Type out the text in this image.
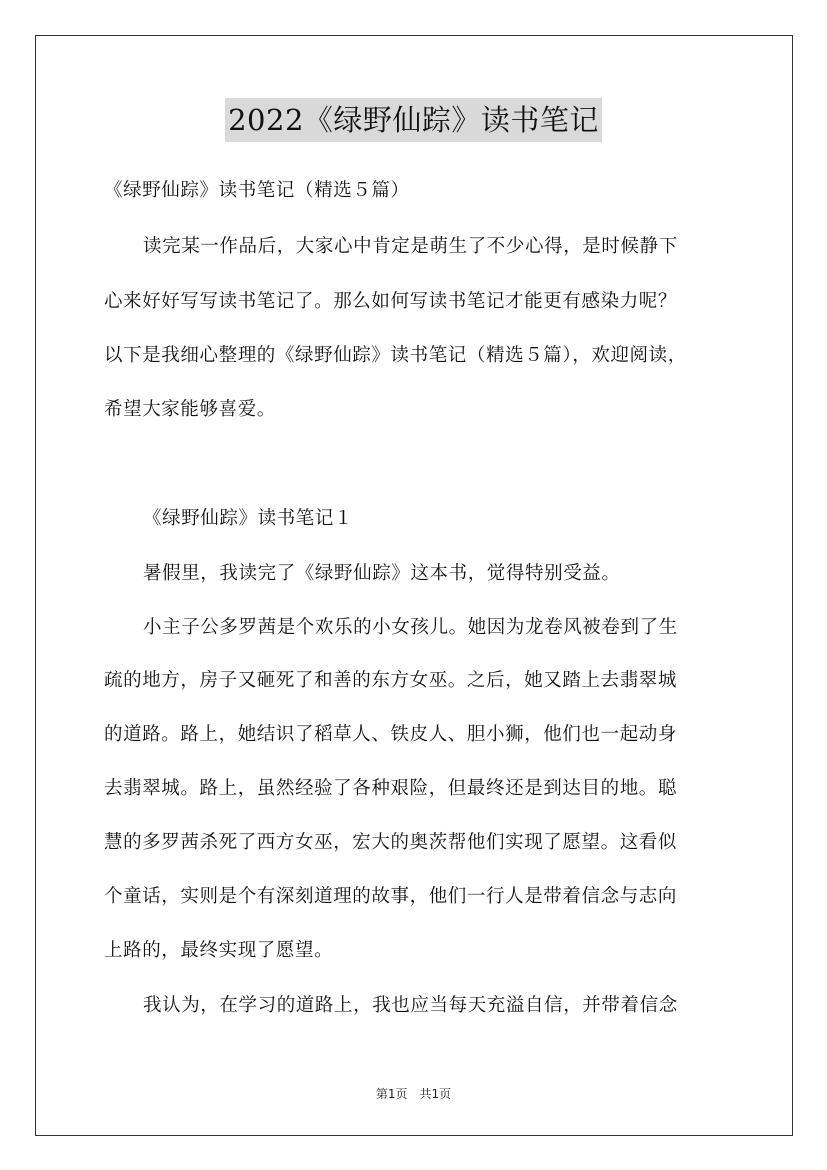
2022《绿野仙踪》读书笔记
《绿野仙踪》读书笔记（精选５篇）
读完某一作品后，大家心中肯定是萌生了不少心得，是时候静下
心来好好写写读书笔记了。那么如何写读书笔记才能更有感染力呢？
以下是我细心整理的《绿野仙踪》读书笔记（精选５篇），欢迎阅读，
希望大家能够喜爱。
《绿野仙踪》读书笔记１
暑假里，我读完了《绿野仙踪》这本书，觉得特别受益。
小主子公多罗茜是个欢乐的小女孩儿。她因为龙卷风被卷到了生
疏的地方，房子又砸死了和善的东方女巫。之后，她又踏上去翡翠城
的道路。路上，她结识了稻草人、铁皮人、胆小狮，他们也一起动身
去翡翠城。路上，虽然经验了各种艰险，但最终还是到达目的地。聪
慧的多罗茜杀死了西方女巫，宏大的奥茨帮他们实现了愿望。这看似
个童话，实则是个有深刻道理的故事，他们一行人是带着信念与志向
上路的，最终实现了愿望。
我认为，在学习的道路上，我也应当每天充溢自信，并带着信念
第1页　共1页
